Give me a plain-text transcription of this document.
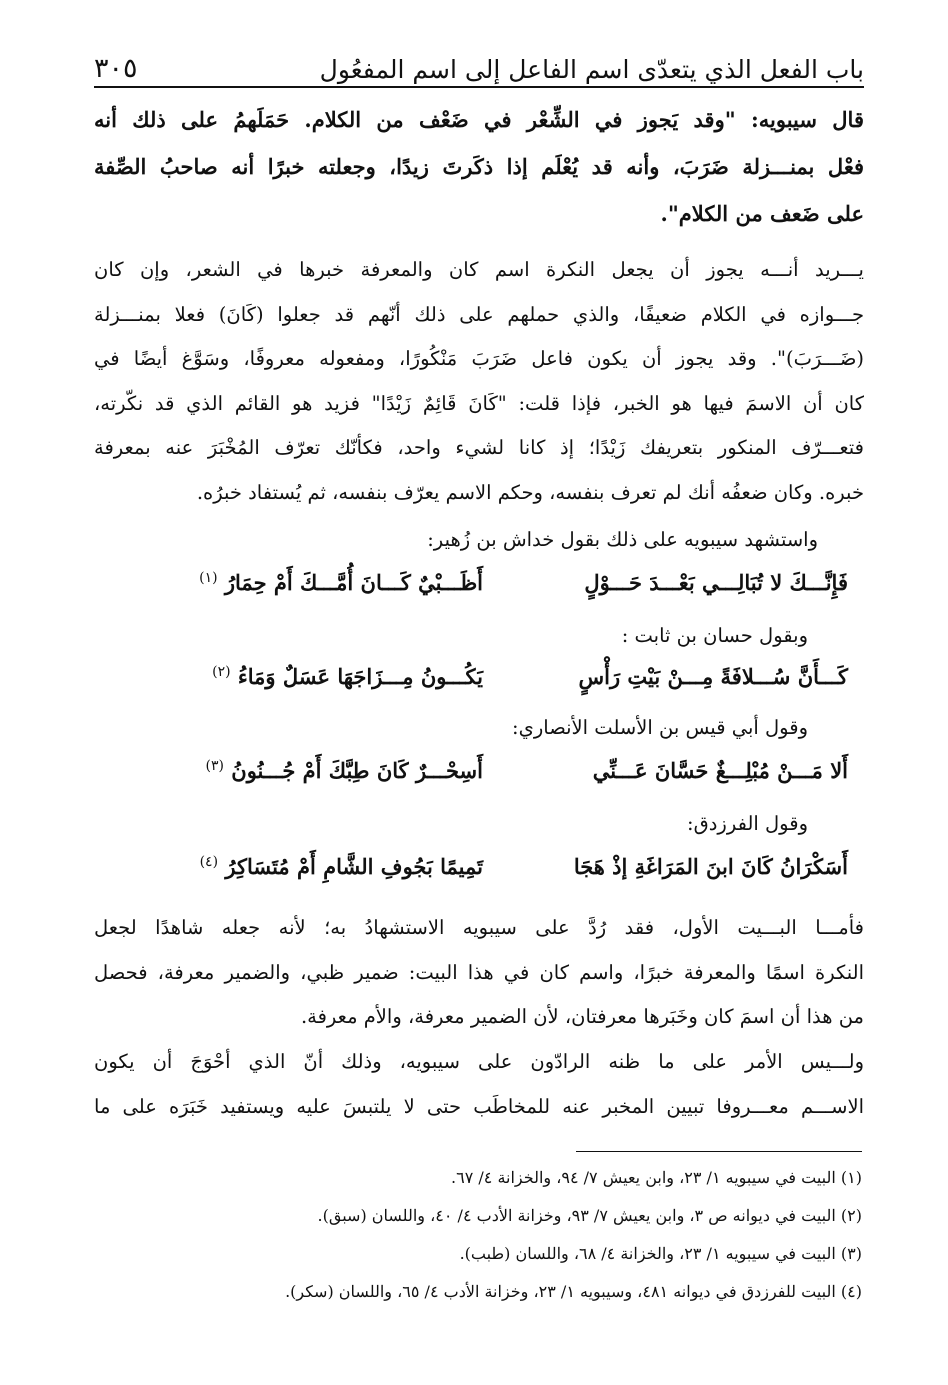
باب الفعل الذي يتعدّى اسم الفاعل إلى اسم المفعُول
٣٠٥
قال سيبويه: "وقد يَجوز في الشِّعْر في ضَعْف من الكلام. حَمَلَهمُ على ذلك أنه
فعْل بمنـــزلة ضَرَبَ، وأنه قد يُعْلَم إذا ذكَرتَ زيدًا، وجعلته خبرًا أنه صاحبُ الصِّفة
على ضَعف من الكلام".
يـــريد أنـــه يجوز أن يجعل النكرة اسم كان والمعرفة خبرها في الشعر، وإن كان
جـــوازه في الكلام ضعيفًا، والذي حملهم على ذلك أنّهم قد جعلوا (كَانَ) فعلا بمنـــزلة
(ضَـــرَبَ)". وقد يجوز أن يكون فاعل ضَرَبَ مَنْكُورًا، ومفعوله معروفًا، وسَوَّغ أيضًا في
كان أن الاسمَ فيها هو الخبر، فإذا قلت: "كَانَ قَائِمٌ زَيْدًا" فزيد هو القائم الذي قد نكّرته،
فتعـــرّف المنكور بتعريفك زَيْدًا؛ إذ كانا لشيء واحد، فكأنّك تعرّف المُخْبَرَ عنه بمعرفة
خبره. وكان ضعفُه أنك لم تعرف بنفسه، وحكم الاسم يعرّف بنفسه، ثم يُستفاد خبرُه.
واستشهد سيبويه على ذلك بقول خداش بن زُهير:
فَإِنَّـــكَ لا تُبَالِـــي بَعْـــدَ حَـــوْلٍ
أَظَـــبْيٌ كَـــانَ أُمَّـــكَ أَمْ حِمَارُ $^{(١)}$
وبقول حسان بن ثابت :
كَـــأَنَّ سُـــلافَةً مِـــنْ بَيْتِ رَأْسٍ
يَكُـــونُ مِـــزَاجَهَا عَسَلٌ وَمَاءُ $^{(٢)}$
وقول أبي قيس بن الأسلت الأنصاري:
أَلا مَـــنْ مُبْلِـــغٌ حَسَّانَ عَـــنِّي
أَسِحْـــرٌ كَانَ طِبَّكَ أَمْ جُـــنُونُ $^{(٣)}$
وقول الفرزدق:
أَسَكْرَانُ كَانَ ابنَ المَرَاغَةِ إذْ هَجَا
تَمِيمًا بَجُوفِ الشَّامِ أَمْ مُتَسَاكِرُ $^{(٤)}$
فأمـــا البـــيت الأول، فقد رُدَّ على سيبويه الاستشهادُ به؛ لأنه جعله شاهدًا لجعل
النكرة اسمًا والمعرفة خبرًا، واسم كان في هذا البيت: ضمير ظبي، والضمير معرفة، فحصل
من هذا أن اسمَ كان وخَبَرها معرفتان، لأن الضمير معرفة، والأم معرفة.
ولـــيس الأمر على ما ظنه الرادّون على سيبويه، وذلك أنّ الذي أحْوَجَ أن يكون
الاســـم معـــروفا تبيين المخبر عنه للمخاطَب حتى لا يلتبسَ عليه ويستفيد خَبَرَه على ما
(١) البيت في سيبويه ١/ ٢٣، وابن يعيش ٧/ ٩٤، والخزانة ٤/ ٦٧.
(٢) البيت في ديوانه ص ٣، وابن يعيش ٧/ ٩٣، وخزانة الأدب ٤/ ٤٠، واللسان (سبق).
(٣) البيت في سيبويه ١/ ٢٣، والخزانة ٤/ ٦٨، واللسان (طبب).
(٤) البيت للفرزدق في ديوانه ٤٨١، وسيبويه ١/ ٢٣، وخزانة الأدب ٤/ ٦٥، واللسان (سكر).
